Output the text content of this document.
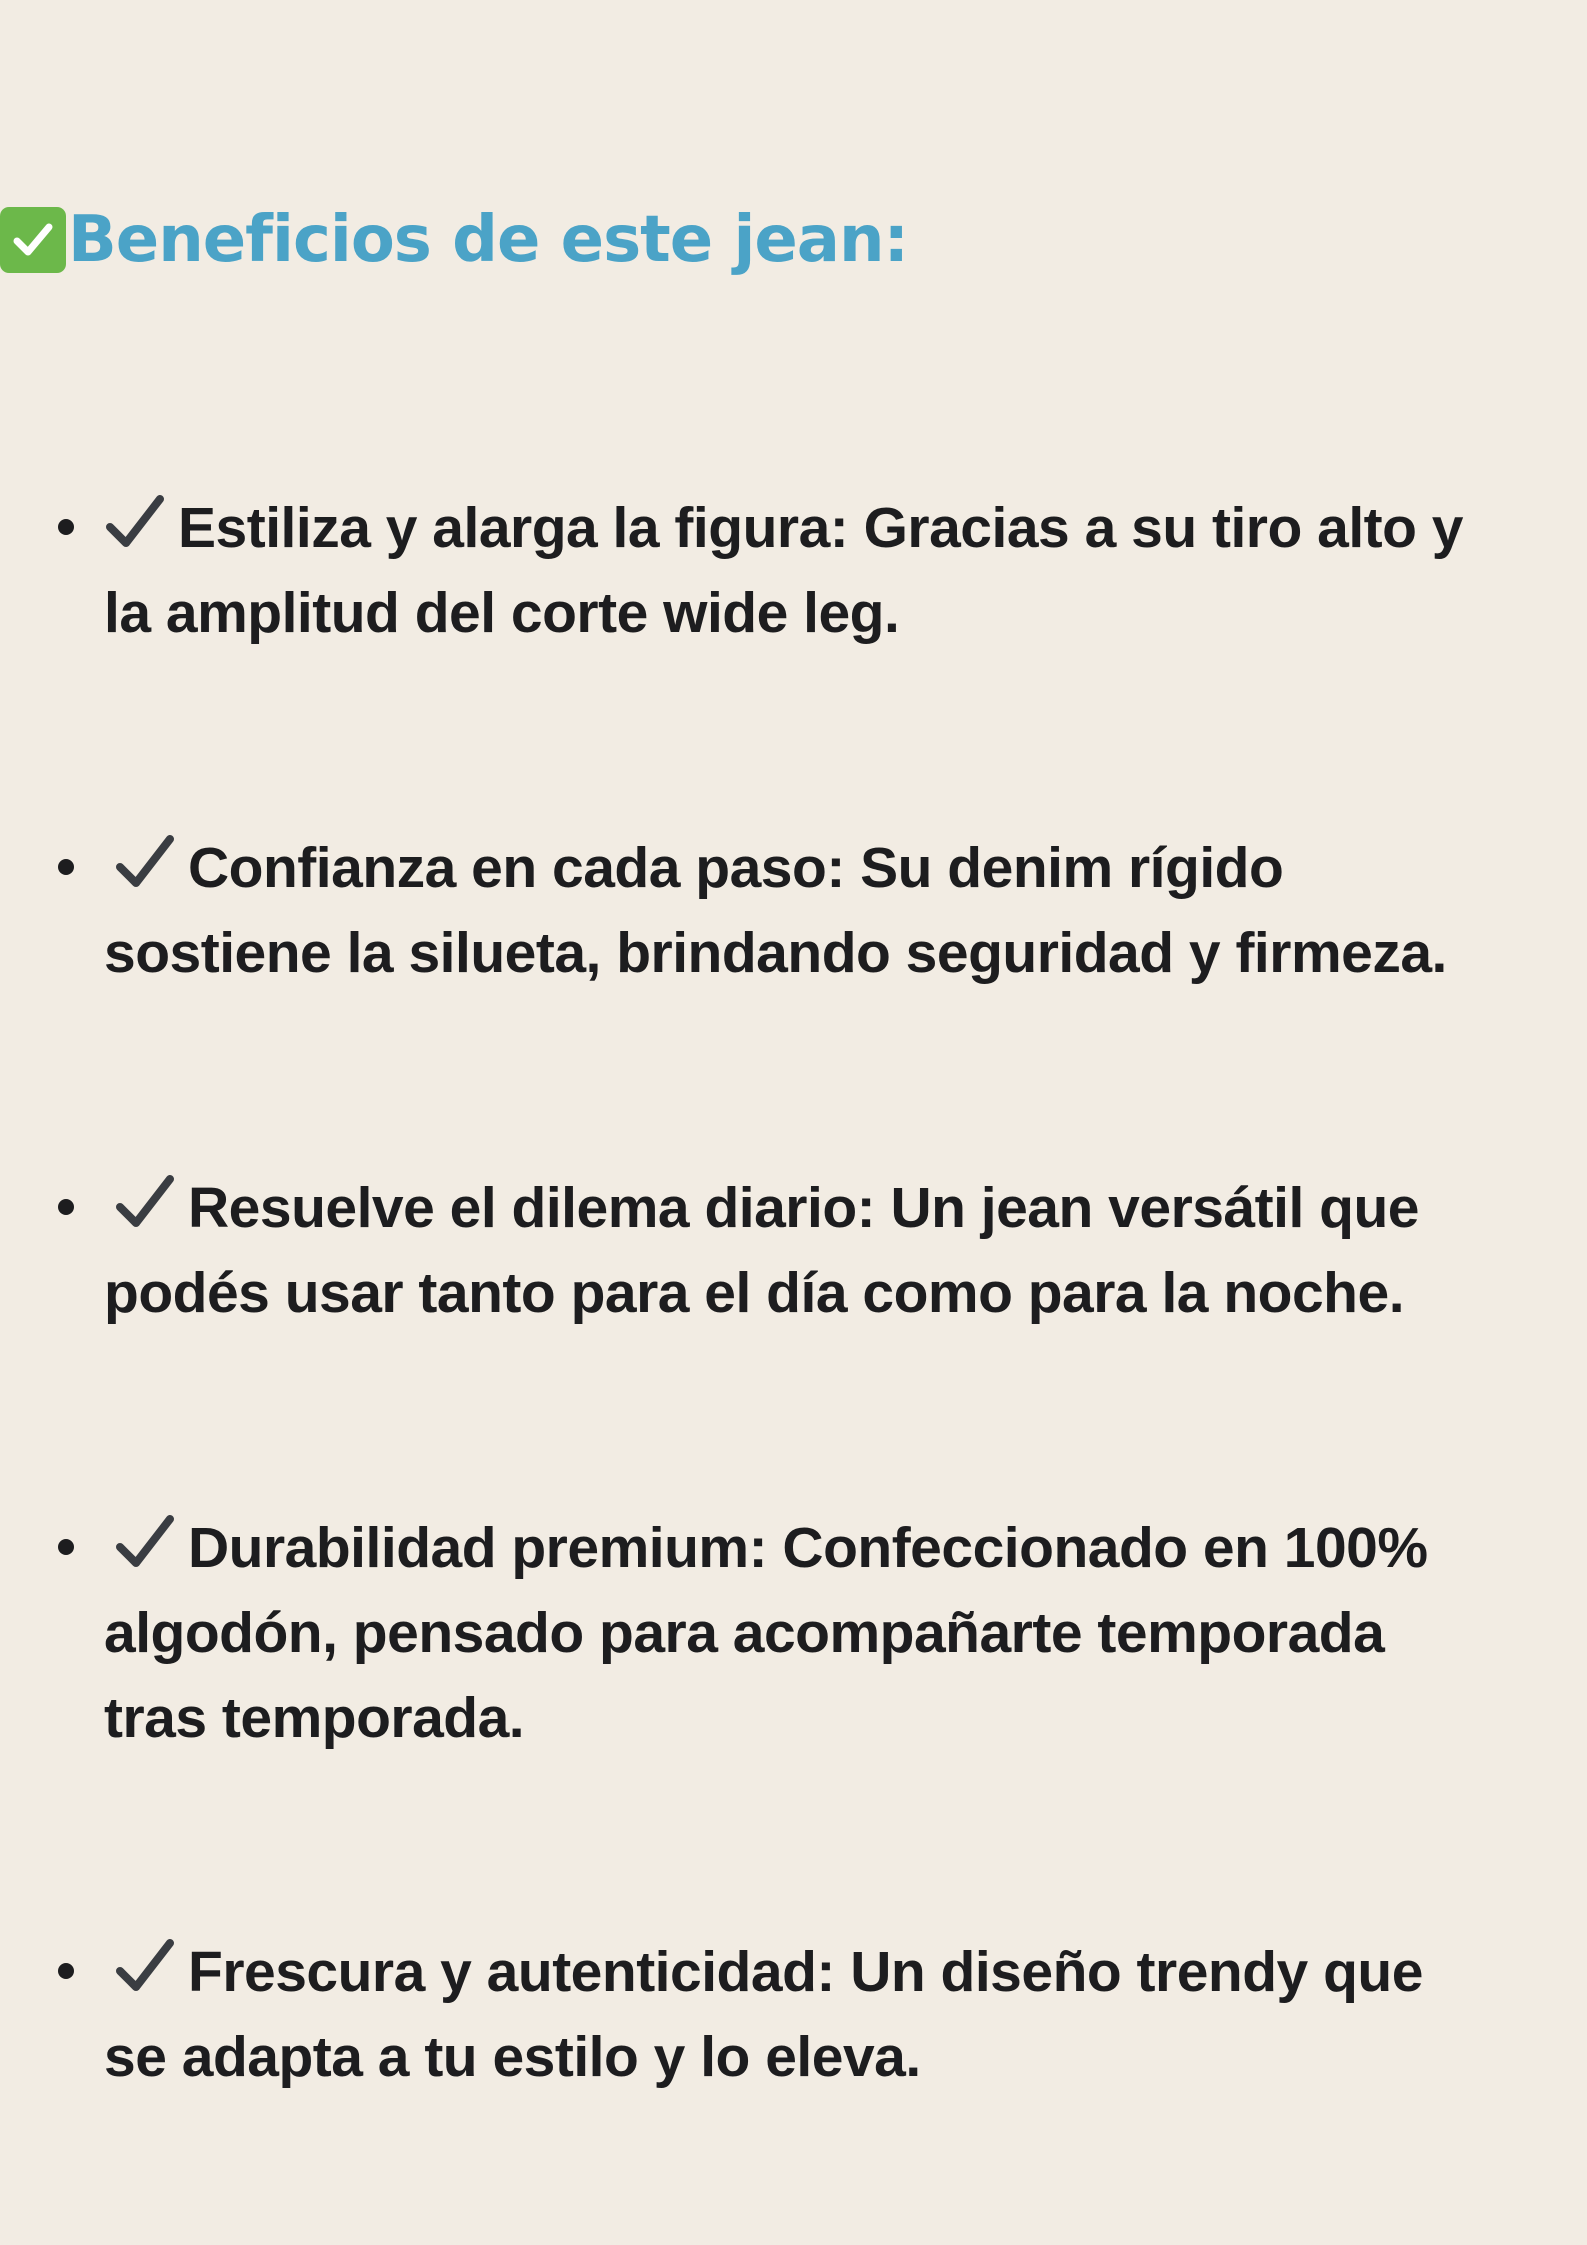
Beneficios de este jean:
Estiliza y alarga la figura: Gracias a su tiro alto y
la amplitud del corte wide leg.
Confianza en cada paso: Su denim rígido
sostiene la silueta, brindando seguridad y firmeza.
Resuelve el dilema diario: Un jean versátil que
podés usar tanto para el día como para la noche.
Durabilidad premium: Confeccionado en 100%
algodón, pensado para acompañarte temporada
tras temporada.
Frescura y autenticidad: Un diseño trendy que
se adapta a tu estilo y lo eleva.
